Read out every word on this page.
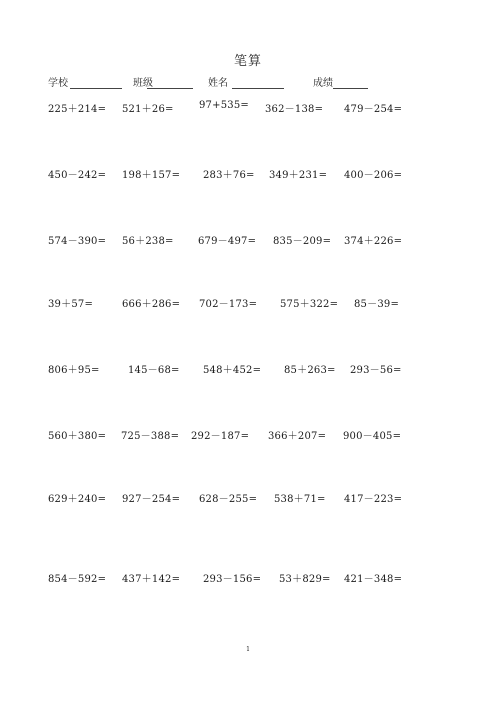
笔算
学校	班级	姓名	成绩
225＋214= 521＋26=	97+535= 362－138= 479－254=
450－242= 198＋157= 283＋76= 349＋231= 400－206=
574－390= 56＋238= 679－497= 835－209= 374＋226=
39＋57=	666＋286= 702－173= 575＋322= 85－39=
806＋95=	145－68= 548＋452= 85＋263= 293－56=
560＋380= 725－388= 292－187= 366＋207= 900－405=
629＋240= 927－254= 628－255= 538＋71= 417－223=
854－592= 437＋142= 293－156= 53＋829= 421－348=
1
